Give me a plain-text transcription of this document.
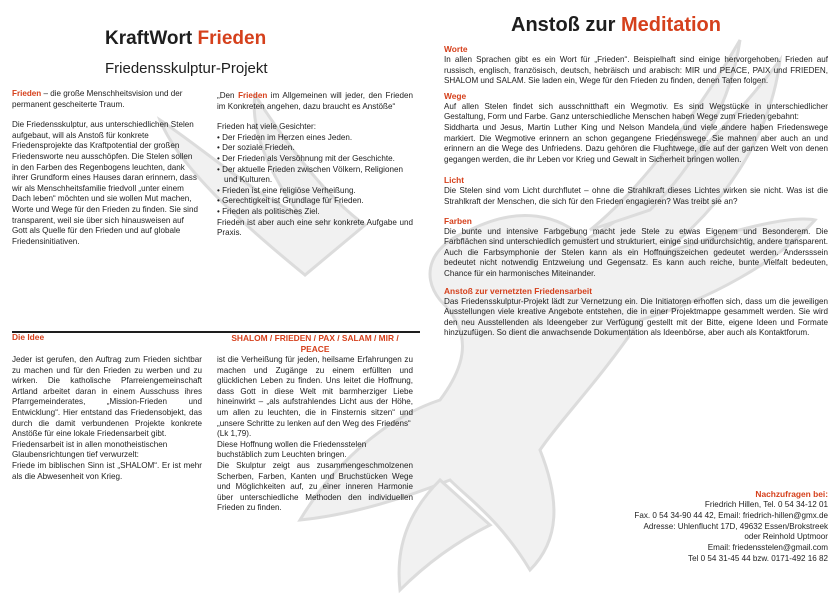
KraftWort Frieden
Friedensskulptur-Projekt

Frieden – die große Menschheitsvision und der permanent gescheiterte Traum.

Die Friedensskulptur, aus unterschiedlichen Stelen aufgebaut, will als Anstoß für konkrete Friedensprojekte das Kraftpotential der großen Friedensworte neu ausschöpfen. Die Stelen sollen in den Farben des Regenbogens leuchten, dank ihrer Grundform eines Hauses daran erinnern, dass wir als Menschheitsfamilie friedvoll „unter einem Dach leben“ möchten und sie wollen Mut machen, Worte und Wege für den Frieden zu finden. Sie sind transparent, weil sie über sich hinausweisen auf Gott als Quelle für den Frieden und auf globale Friedensinitiativen.

„Den Frieden im Allgemeinen will jeder, den Frieden im Konkreten angehen, dazu braucht es Anstöße“

Frieden hat viele Gesichter:

• Der Frieden im Herzen eines Jeden.
• Der soziale Frieden.
• Der Frieden als Versöhnung mit der Geschichte.
• Der aktuelle Frieden zwischen Völkern, Religionen und Kulturen.
• Frieden ist eine religiöse Verheißung.
• Gerechtigkeit ist Grundlage für Frieden.
• Frieden als politisches Ziel.

Frieden ist aber auch eine sehr konkrete Aufgabe und Praxis.

Die Idee

Jeder ist gerufen, den Auftrag zum Frieden sichtbar zu machen und für den Frieden zu werben und zu wirken. Die katholische Pfarreiengemeinschaft Artland arbeitet daran in einem Ausschuss ihres Pfarrgemeinderates, „Mission-Frieden und Entwicklung“. Hier entstand das Friedensobjekt, das durch die damit verbundenen Projekte konkrete Anstöße für eine lokale Friedensarbeit gibt.

Friedensarbeit ist in allen monotheistischen Glaubensrichtungen tief verwurzelt:

Friede im biblischen Sinn ist „SHALOM“. Er ist mehr als die Abwesenheit von Krieg.

SHALOM / FRIEDEN / PAX / SALAM / MIR / PEACE

ist die Verheißung für jeden, heilsame Erfahrungen zu machen und Zugänge zu einem erfüllten und glücklichen Leben zu finden. Uns leitet die Hoffnung, dass Gott in diese Welt mit barmherziger Liebe hineinwirkt – „als aufstrahlendes Licht aus der Höhe, um allen zu leuchten, die in Finsternis sitzen“ und „unsere Schritte zu lenken auf den Weg des Friedens“

(Lk 1,79).

Diese Hoffnung wollen die Friedensstelen buchstäblich zum Leuchten bringen.

Die Skulptur zeigt aus zusammengeschmolzenen Scherben, Farben, Kanten und Bruchstücken Wege und Möglichkeiten auf, zu einer inneren Harmonie über unterschiedliche Methoden den individuellen Frieden zu finden.

Anstoß zur Meditation

Worte

In allen Sprachen gibt es ein Wort für „Frieden“. Beispielhaft sind einige hervorgehoben. Frieden auf russisch, englisch, französisch, deutsch, hebräisch und arabisch: MIR und PEACE, PAIX und FRIEDEN, SHALOM und SALAM. Sie laden ein, Wege für den Frieden zu finden, denen Taten folgen.

Wege

Auf allen Stelen findet sich ausschnitthaft ein Wegmotiv. Es sind Wegstücke in unterschiedlicher Gestaltung, Form und Farbe. Ganz unterschiedliche Menschen haben Wege zum Frieden gebahnt:

Siddharta und Jesus, Martin Luther King und Nelson Mandela und viele andere haben Friedenswege markiert. Die Wegmotive erinnern an schon gegangene Friedenswege. Sie mahnen aber auch an und erinnern an die Wege des Unfriedens. Dazu gehören die Fluchtwege, die auf der ganzen Welt von denen gegangen werden, die ihr Leben vor Krieg und Gewalt in Sicherheit bringen wollen.

Licht

Die Stelen sind vom Licht durchflutet – ohne die Strahlkraft dieses Lichtes wirken sie nicht. Was ist die Strahlkraft der Menschen, die sich für den Frieden engagieren? Was treibt sie an?

Farben

Die bunte und intensive Farbgebung macht jede Stele zu etwas Eigenem und Besonderem. Die Farbflächen sind unterschiedlich gemustert und strukturiert, einige sind undurchsichtig, andere transparent. Auch die Farbsymphonie der Stelen kann als ein Hoffnungszeichen gedeutet werden. Andersssein bedeutet nicht notwendig Entzweiung und Gegensatz. Es kann auch reiche, bunte Vielfalt bedeuten, Chance für ein harmonisches Miteinander.

Anstoß zur vernetzten Friedensarbeit

Das Friedensskulptur-Projekt lädt zur Vernetzung ein. Die Initiatoren erhoffen sich, dass um die jeweiligen Ausstellungen viele kreative Angebote entstehen, die in einer Projektmappe gesammelt werden. Sie wird den neu Ausstellenden als Ideengeber zur Verfügung gestellt mit der Bitte, eigene Ideen und Formate hinzuzufügen. So dient die anwachsende Dokumentation als Ideenbörse, aber auch als Kontaktforum.

Nachzufragen bei:

Friedrich Hillen, Tel. 0 54 34-12 01

Fax. 0 54 34-90 44 42, Email: friedrich-hillen@gmx.de

Adresse: Uhlenflucht 17D, 49632 Essen/Brokstreek

oder Reinhold Uptmoor

Email: friedensstelen@gmail.com

Tel 0 54 31-45 44 bzw. 0171-492 16 82
